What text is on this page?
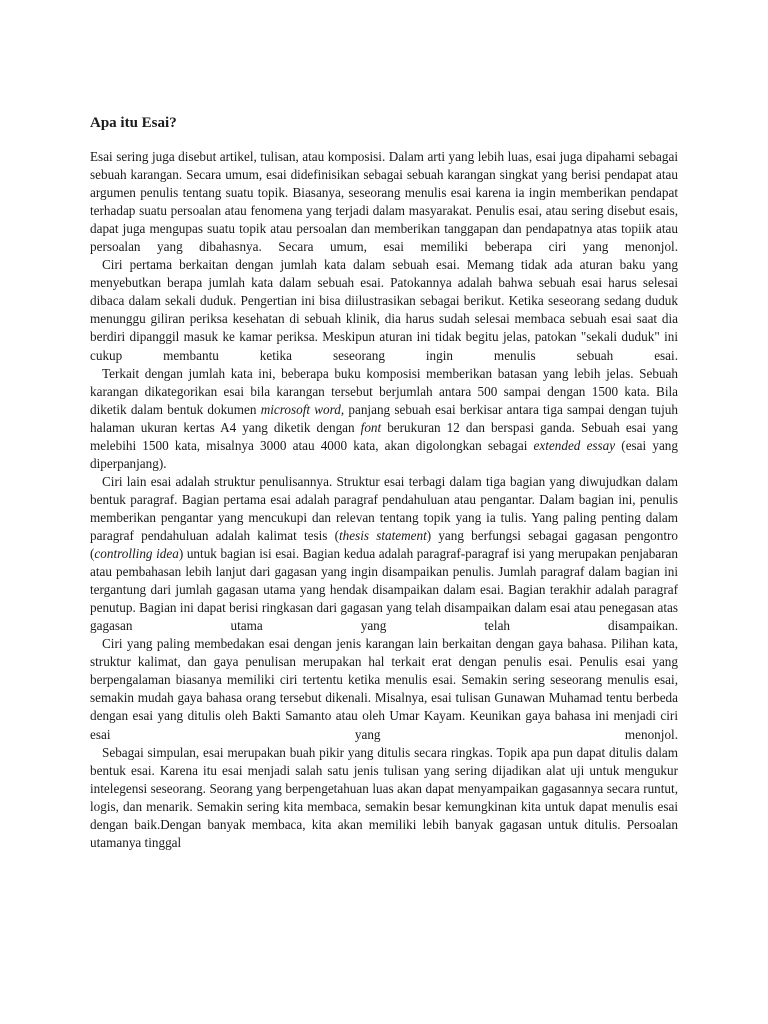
Apa itu Esai?

Esai sering juga disebut artikel, tulisan, atau komposisi. Dalam arti yang lebih luas, esai juga dipahami sebagai sebuah karangan. Secara umum, esai didefinisikan sebagai sebuah karangan singkat yang berisi pendapat atau argumen penulis tentang suatu topik. Biasanya, seseorang menulis esai karena ia ingin memberikan pendapat terhadap suatu persoalan atau fenomena yang terjadi dalam masyarakat. Penulis esai, atau sering disebut esais, dapat juga mengupas suatu topik atau persoalan dan memberikan tanggapan dan pendapatnya atas topiik atau persoalan yang dibahasnya. Secara umum, esai memiliki beberapa ciri yang menonjol.

Ciri pertama berkaitan dengan jumlah kata dalam sebuah esai. Memang tidak ada aturan baku yang menyebutkan berapa jumlah kata dalam sebuah esai. Patokannya adalah bahwa sebuah esai harus selesai dibaca dalam sekali duduk. Pengertian ini bisa diilustrasikan sebagai berikut. Ketika seseorang sedang duduk menunggu giliran periksa kesehatan di sebuah klinik, dia harus sudah selesai membaca sebuah esai saat dia berdiri dipanggil masuk ke kamar periksa. Meskipun aturan ini tidak begitu jelas, patokan "sekali duduk" ini cukup membantu ketika seseorang ingin menulis sebuah esai.

Terkait dengan jumlah kata ini, beberapa buku komposisi memberikan batasan yang lebih jelas. Sebuah karangan dikategorikan esai bila karangan tersebut berjumlah antara 500 sampai dengan 1500 kata. Bila diketik dalam bentuk dokumen microsoft word, panjang sebuah esai berkisar antara tiga sampai dengan tujuh halaman ukuran kertas A4 yang diketik dengan font berukuran 12 dan berspasi ganda. Sebuah esai yang melebihi 1500 kata, misalnya 3000 atau 4000 kata, akan digolongkan sebagai extended essay (esai yang diperpanjang).

Ciri lain esai adalah struktur penulisannya. Struktur esai terbagi dalam tiga bagian yang diwujudkan dalam bentuk paragraf. Bagian pertama esai adalah paragraf pendahuluan atau pengantar. Dalam bagian ini, penulis memberikan pengantar yang mencukupi dan relevan tentang topik yang ia tulis. Yang paling penting dalam paragraf pendahuluan adalah kalimat tesis (thesis statement) yang berfungsi sebagai gagasan pengontro (controlling idea) untuk bagian isi esai. Bagian kedua adalah paragraf-paragraf isi yang merupakan penjabaran atau pembahasan lebih lanjut dari gagasan yang ingin disampaikan penulis. Jumlah paragraf dalam bagian ini tergantung dari jumlah gagasan utama yang hendak disampaikan dalam esai. Bagian terakhir adalah paragraf penutup. Bagian ini dapat berisi ringkasan dari gagasan yang telah disampaikan dalam esai atau penegasan atas gagasan utama yang telah disampaikan.

Ciri yang paling membedakan esai dengan jenis karangan lain berkaitan dengan gaya bahasa. Pilihan kata, struktur kalimat, dan gaya penulisan merupakan hal terkait erat dengan penulis esai. Penulis esai yang berpengalaman biasanya memiliki ciri tertentu ketika menulis esai. Semakin sering seseorang menulis esai, semakin mudah gaya bahasa orang tersebut dikenali. Misalnya, esai tulisan Gunawan Muhamad tentu berbeda dengan esai yang ditulis oleh Bakti Samanto atau oleh Umar Kayam. Keunikan gaya bahasa ini menjadi ciri esai yang menonjol.

Sebagai simpulan, esai merupakan buah pikir yang ditulis secara ringkas. Topik apa pun dapat ditulis dalam bentuk esai. Karena itu esai menjadi salah satu jenis tulisan yang sering dijadikan alat uji untuk mengukur intelegensi seseorang. Seorang yang berpengetahuan luas akan dapat menyampaikan gagasannya secara runtut, logis, dan menarik. Semakin sering kita membaca, semakin besar kemungkinan kita untuk dapat menulis esai dengan baik.Dengan banyak membaca, kita akan memiliki lebih banyak gagasan untuk ditulis. Persoalan utamanya tinggal
